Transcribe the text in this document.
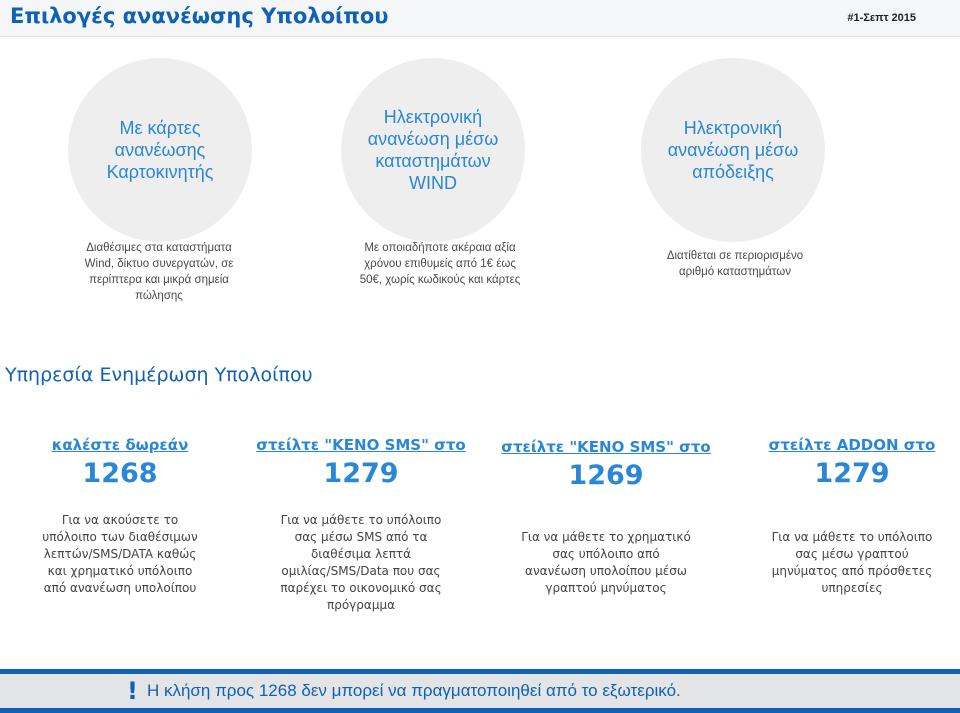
Επιλογές ανανέωσης Υπολοίπου	#1-Σεπτ 2015
Με κάρτες
ανανέωσης
Καρτοκινητής
Ηλεκτρονική
ανανέωση μέσω
καταστημάτων
WIND
Ηλεκτρονική
ανανέωση μέσω
απόδειξης
Διαθέσιμες στα καταστήματα
Wind, δίκτυο συνεργατών, σε
περίπτερα και μικρά σημεία
πώλησης
Με οποιαδήποτε ακέραια αξία
χρόνου επιθυμείς από 1€ έως
50€, χωρίς κωδικούς και κάρτες
Διατίθεται σε περιορισμένο
αριθμό καταστημάτων
Υπηρεσία Ενημέρωση Υπολοίπου
καλέστε δωρεάν
1268
στείλτε "KENO SMS" στο
1279
στείλτε "KENO SMS" στο
1269
στείλτε ADDON στο
1279
Για να ακούσετε το
υπόλοιπο των διαθέσιμων
λεπτών/SMS/DATA καθώς
και χρηματικό υπόλοιπο
από ανανέωση υπολοίπου
Για να μάθετε το υπόλοιπο
σας μέσω SMS από τα
διαθέσιμα λεπτά
ομιλίας/SMS/Data που σας
παρέχει το οικονομικό σας
πρόγραμμα
Για να μάθετε το χρηματικό
σας υπόλοιπο από
ανανέωση υπολοίπου μέσω
γραπτού μηνύματος
Για να μάθετε το υπόλοιπο
σας μέσω γραπτού
μηνύματος από πρόσθετες
υπηρεσίες
! Η κλήση προς 1268 δεν μπορεί να πραγματοποιηθεί από το εξωτερικό.
